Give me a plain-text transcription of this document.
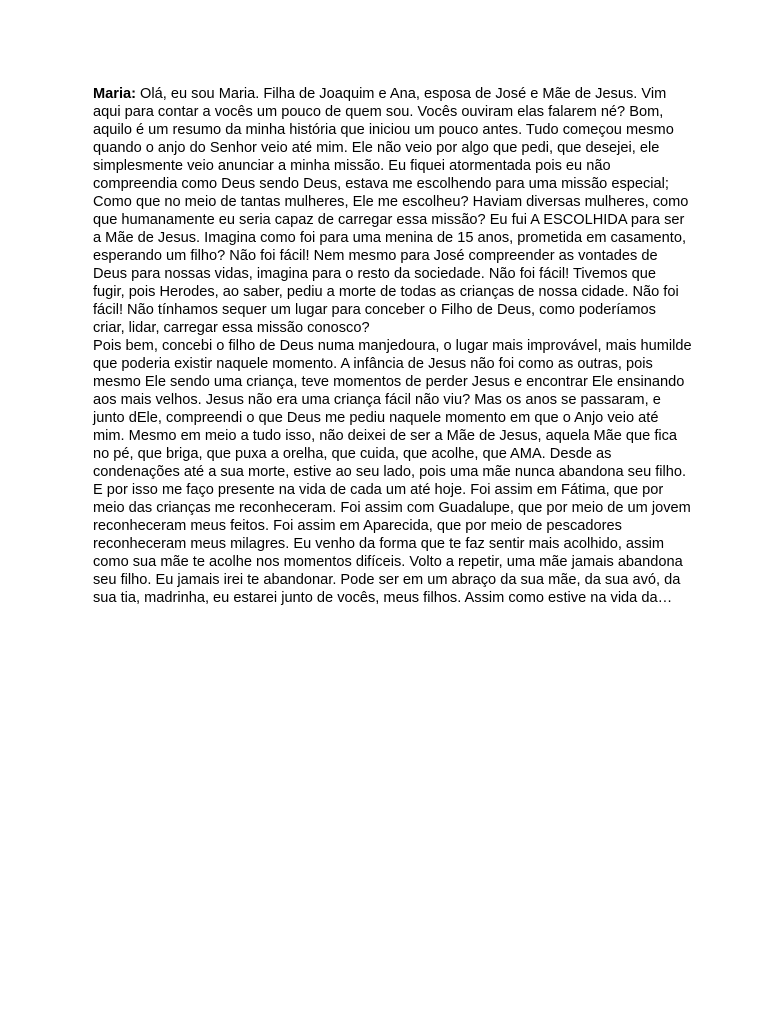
Maria: Olá, eu sou Maria. Filha de Joaquim e Ana, esposa de José e Mãe de Jesus. Vim
aqui para contar a vocês um pouco de quem sou. Vocês ouviram elas falarem né? Bom,
aquilo é um resumo da minha história que iniciou um pouco antes. Tudo começou mesmo
quando o anjo do Senhor veio até mim. Ele não veio por algo que pedi, que desejei, ele
simplesmente veio anunciar a minha missão. Eu fiquei atormentada pois eu não
compreendia como Deus sendo Deus, estava me escolhendo para uma missão especial;
Como que no meio de tantas mulheres, Ele me escolheu? Haviam diversas mulheres, como
que humanamente eu seria capaz de carregar essa missão? Eu fui A ESCOLHIDA para ser
a Mãe de Jesus. Imagina como foi para uma menina de 15 anos, prometida em casamento,
esperando um filho? Não foi fácil! Nem mesmo para José compreender as vontades de
Deus para nossas vidas, imagina para o resto da sociedade. Não foi fácil! Tivemos que
fugir, pois Herodes, ao saber, pediu a morte de todas as crianças de nossa cidade. Não foi
fácil! Não tínhamos sequer um lugar para conceber o Filho de Deus, como poderíamos
criar, lidar, carregar essa missão conosco?
Pois bem, concebi o filho de Deus numa manjedoura, o lugar mais improvável, mais humilde
que poderia existir naquele momento. A infância de Jesus não foi como as outras, pois
mesmo Ele sendo uma criança, teve momentos de perder Jesus e encontrar Ele ensinando
aos mais velhos. Jesus não era uma criança fácil não viu? Mas os anos se passaram, e
junto dEle, compreendi o que Deus me pediu naquele momento em que o Anjo veio até
mim. Mesmo em meio a tudo isso, não deixei de ser a Mãe de Jesus, aquela Mãe que fica
no pé, que briga, que puxa a orelha, que cuida, que acolhe, que AMA. Desde as
condenações até a sua morte, estive ao seu lado, pois uma mãe nunca abandona seu filho.
E por isso me faço presente na vida de cada um até hoje. Foi assim em Fátima, que por
meio das crianças me reconheceram. Foi assim com Guadalupe, que por meio de um jovem
reconheceram meus feitos. Foi assim em Aparecida, que por meio de pescadores
reconheceram meus milagres. Eu venho da forma que te faz sentir mais acolhido, assim
como sua mãe te acolhe nos momentos difíceis. Volto a repetir, uma mãe jamais abandona
seu filho. Eu jamais irei te abandonar. Pode ser em um abraço da sua mãe, da sua avó, da
sua tia, madrinha, eu estarei junto de vocês, meus filhos. Assim como estive na vida da…
